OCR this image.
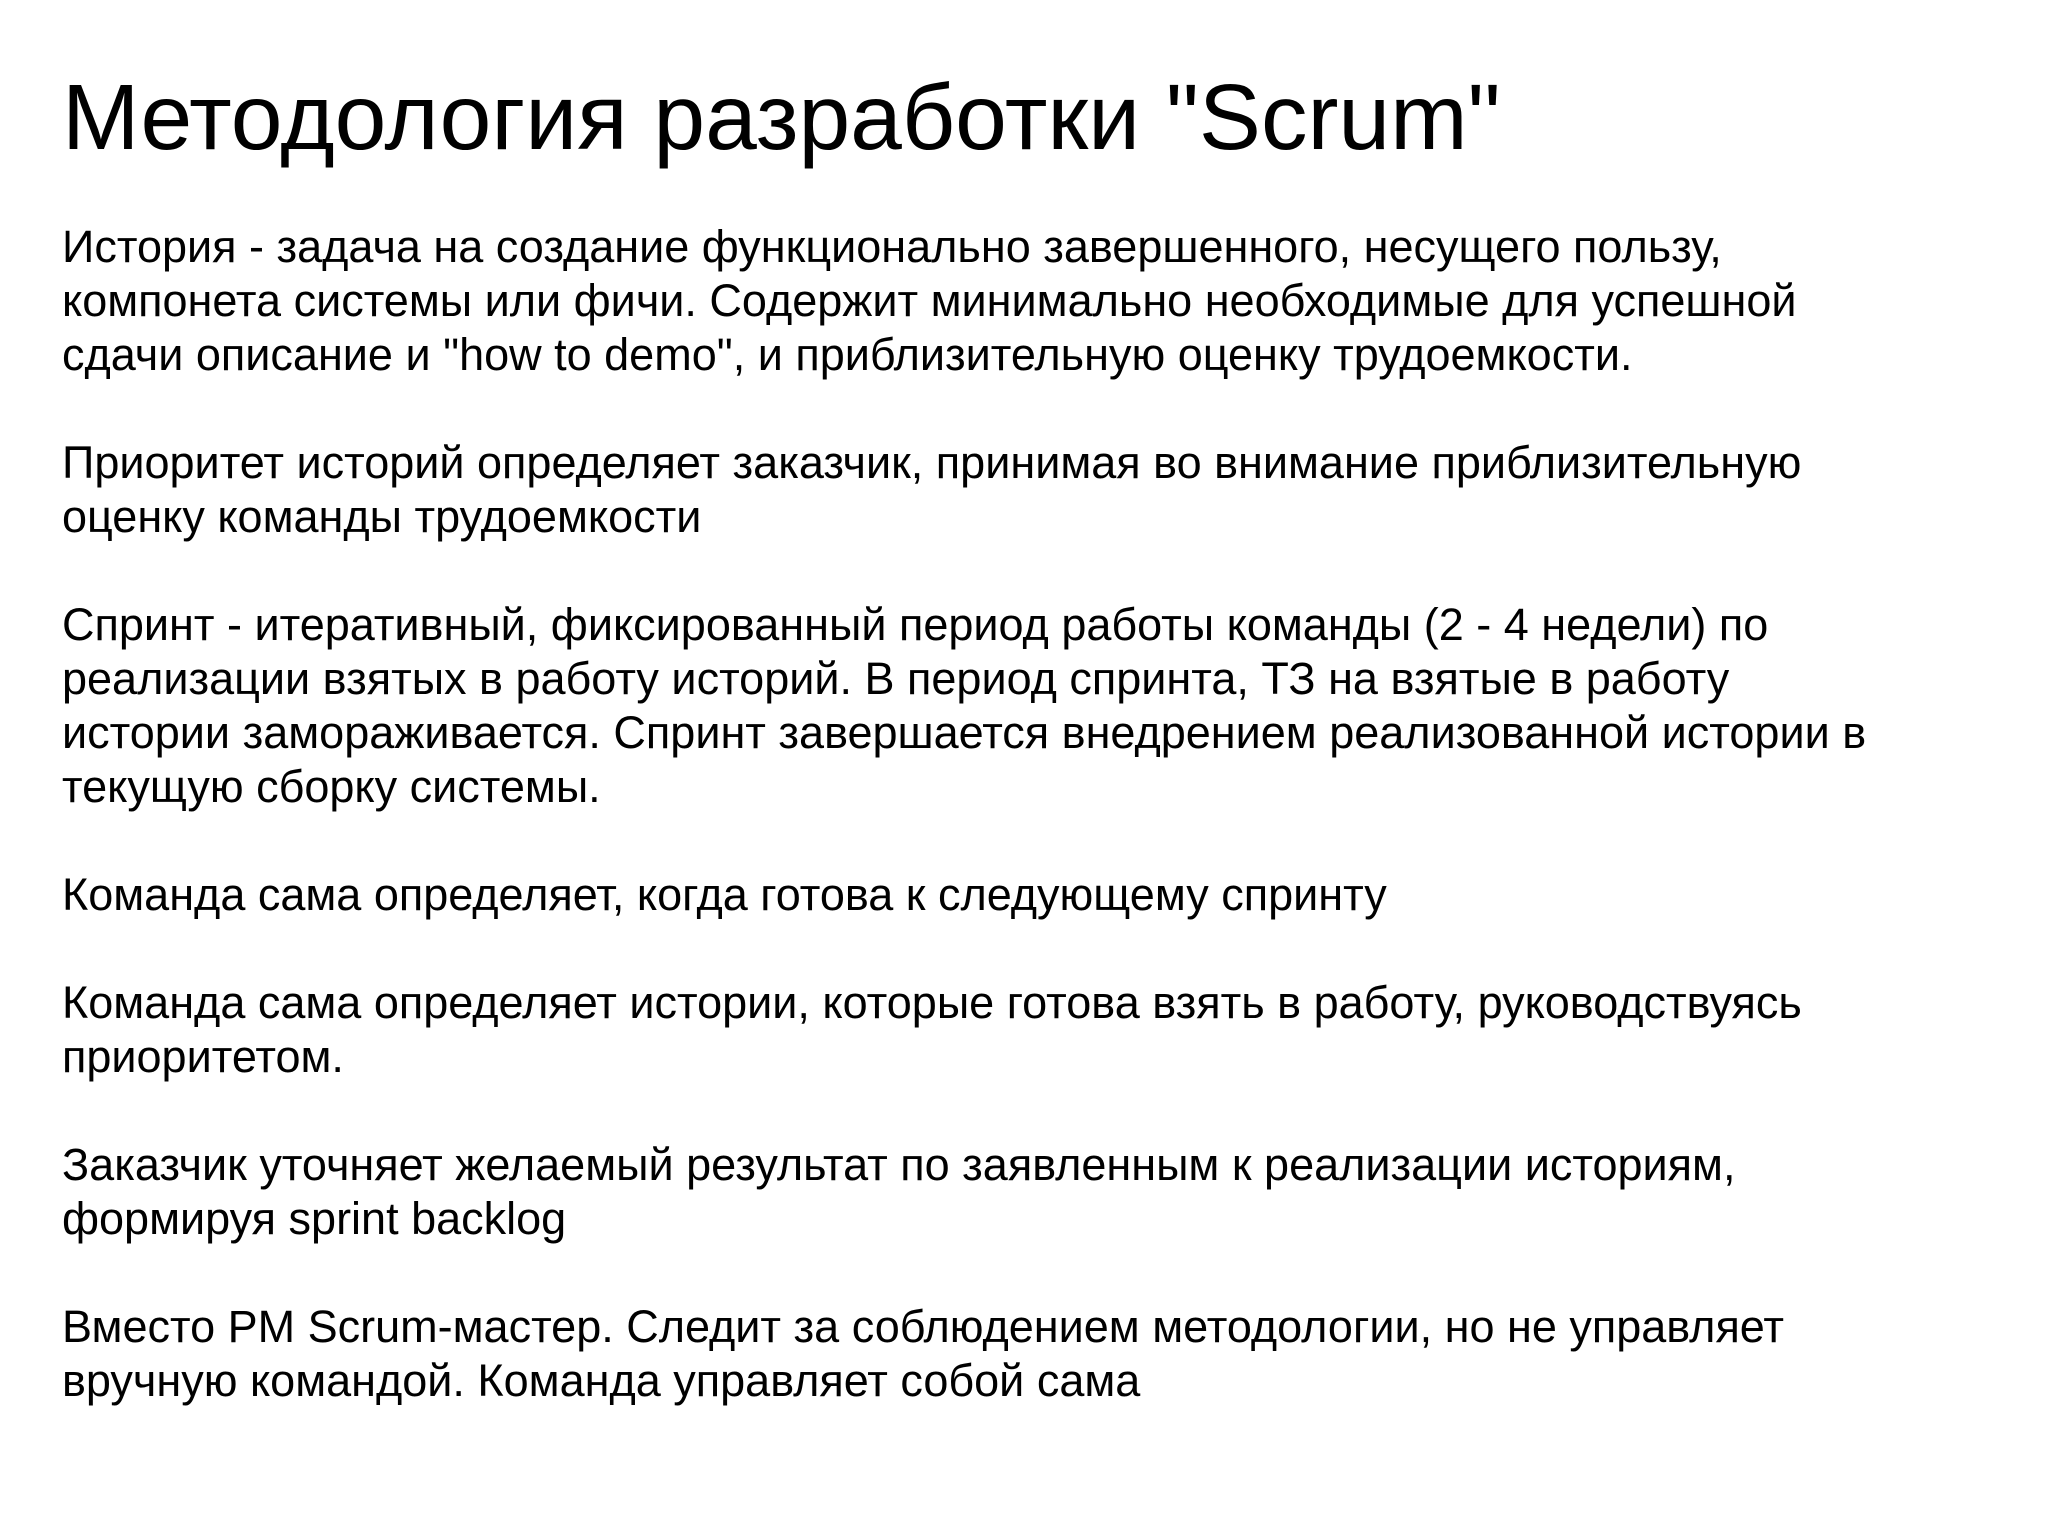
Методология разработки "Scrum"

История - задача на создание функционально завершенного, несущего пользу,
компонета системы или фичи. Содержит минимально необходимые для успешной
сдачи описание и "how to demo", и приблизительную оценку трудоемкости.

Приоритет историй определяет заказчик, принимая во внимание приблизительную
оценку команды трудоемкости

Спринт - итеративный, фиксированный период работы команды (2 - 4 недели) по
реализации взятых в работу историй. В период спринта, ТЗ на взятые в работу
истории замораживается. Спринт завершается внедрением реализованной истории в
текущую сборку системы.

Команда сама определяет, когда готова к следующему спринту

Команда сама определяет истории, которые готова взять в работу, руководствуясь
приоритетом.

Заказчик уточняет желаемый результат по заявленным к реализации историям,
формируя sprint backlog

Вместо PM Scrum-мастер. Следит за соблюдением методологии, но не управляет
вручную командой. Команда управляет собой сама
